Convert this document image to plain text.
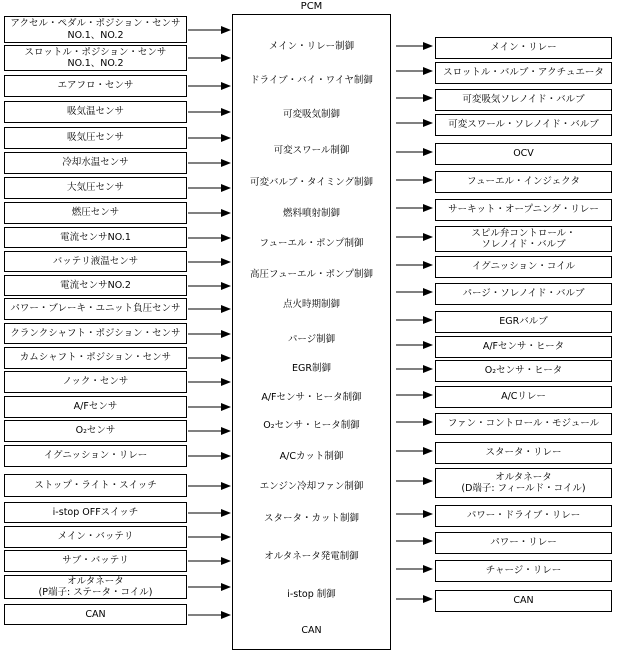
PCM
メイン・リレー制御
ドライブ・バイ・ワイヤ制御
可変吸気制御
可変スワール制御
可変バルブ・タイミング制御
燃料噴射制御
フューエル・ポンプ制御
高圧フューエル・ポンプ制御
点火時期制御
パージ制御
EGR制御
A/Fセンサ・ヒータ制御
O₂センサ・ヒータ制御
A/Cカット制御
エンジン冷却ファン制御
スタータ・カット制御
オルタネータ発電制御
i-stop 制御
CAN
アクセル・ペダル・ポジション・センサ
NO.1、NO.2
スロットル・ポジション・センサ
NO.1、NO.2
エアフロ・センサ
吸気温センサ
吸気圧センサ
冷却水温センサ
大気圧センサ
燃圧センサ
電流センサNO.1
バッテリ液温センサ
電流センサNO.2
パワー・ブレーキ・ユニット負圧センサ
クランクシャフト・ポジション・センサ
カムシャフト・ポジション・センサ
ノック・センサ
A/Fセンサ
O₂センサ
イグニッション・リレー
ストップ・ライト・スイッチ
i-stop OFFスイッチ
メイン・バッテリ
サブ・バッテリ
オルタネータ
(P端子: ステータ・コイル)
CAN
メイン・リレー
スロットル・バルブ・アクチュエータ
可変吸気ソレノイド・バルブ
可変スワール・ソレノイド・バルブ
OCV
フューエル・インジェクタ
サーキット・オープニング・リレー
スピル弁コントロール・
ソレノイド・バルブ
イグニッション・コイル
パージ・ソレノイド・バルブ
EGRバルブ
A/Fセンサ・ヒータ
O₂センサ・ヒータ
A/Cリレー
ファン・コントロール・モジュール
スタータ・リレー
オルタネータ
(D端子: フィールド・コイル)
パワー・ドライブ・リレー
パワー・リレー
チャージ・リレー
CAN
